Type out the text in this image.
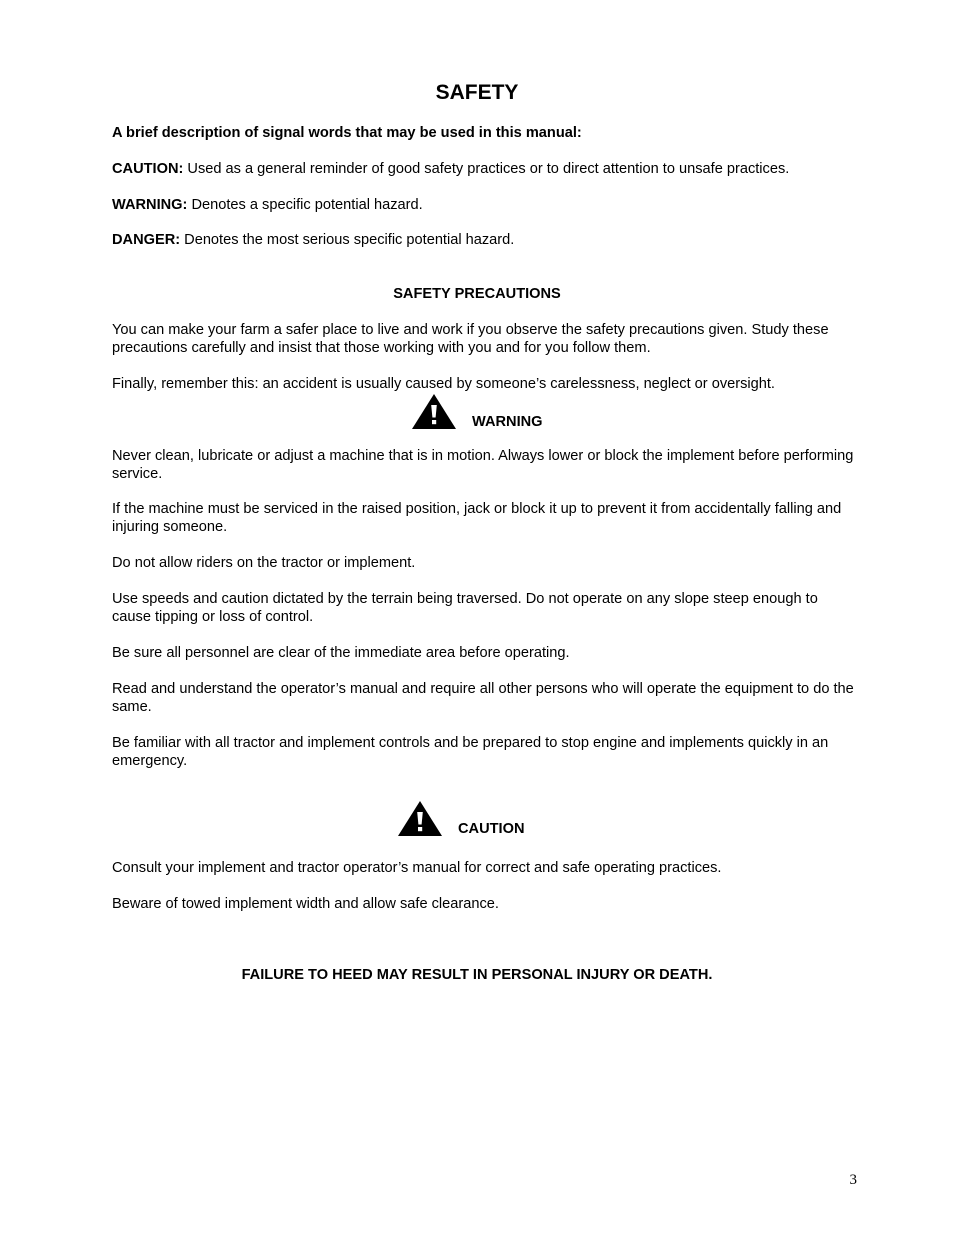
SAFETY

A brief description of signal words that may be used in this manual:

CAUTION: Used as a general reminder of good safety practices or to direct attention to unsafe practices.

WARNING: Denotes a specific potential hazard.

DANGER: Denotes the most serious specific potential hazard.

SAFETY PRECAUTIONS

You can make your farm a safer place to live and work if you observe the safety precautions given. Study these precautions carefully and insist that those working with you and for you follow them.

Finally, remember this: an accident is usually caused by someone’s carelessness, neglect or oversight.

WARNING

Never clean, lubricate or adjust a machine that is in motion. Always lower or block the implement before performing service.

If the machine must be serviced in the raised position, jack or block it up to prevent it from accidentally falling and injuring someone.

Do not allow riders on the tractor or implement.

Use speeds and caution dictated by the terrain being traversed. Do not operate on any slope steep enough to cause tipping or loss of control.

Be sure all personnel are clear of the immediate area before operating.

Read and understand the operator’s manual and require all other persons who will operate the equipment to do the same.

Be familiar with all tractor and implement controls and be prepared to stop engine and implements quickly in an emergency.

CAUTION

Consult your implement and tractor operator’s manual for correct and safe operating practices.

Beware of towed implement width and allow safe clearance.

FAILURE TO HEED MAY RESULT IN PERSONAL INJURY OR DEATH.
3
